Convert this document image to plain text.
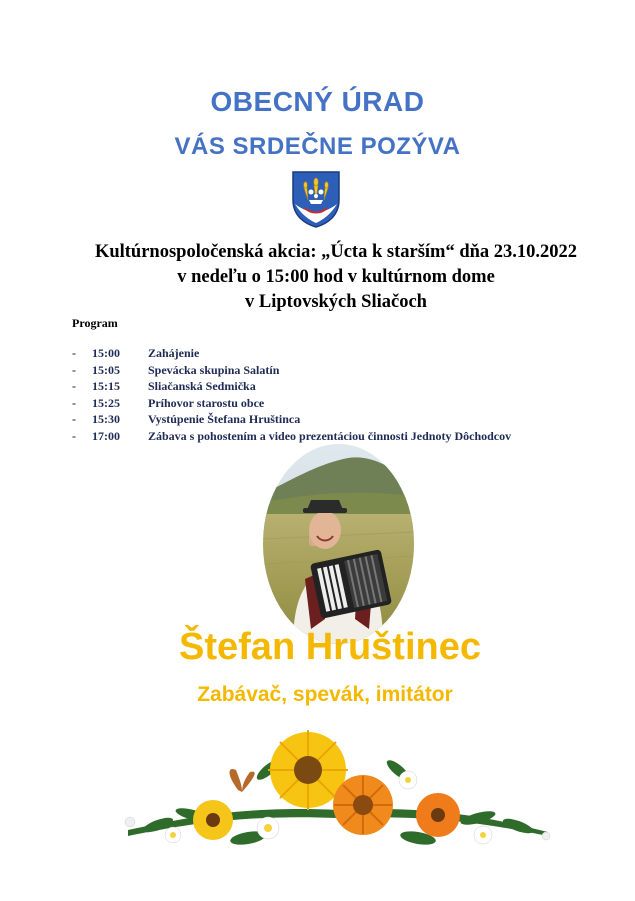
OBECNÝ ÚRAD
VÁS SRDEČNE POZÝVA
Kultúrnospoločenská akcia: „Úcta k starším“ dňa 23.10.2022
v nedeľu o 15:00 hod v kultúrnom dome
v Liptovských Sliačoch
Program
- 15:00 Zahájenie
- 15:05 Spevácka skupina Salatín
- 15:15 Sliačanská Sedmička
- 15:25 Príhovor starostu obce
- 15:30 Vystúpenie Štefana Hruštinca
- 17:00 Zábava s pohostením a video prezentáciou činnosti Jednoty Dôchodcov
Štefan Hruštinec
Zabávač, spevák, imitátor
